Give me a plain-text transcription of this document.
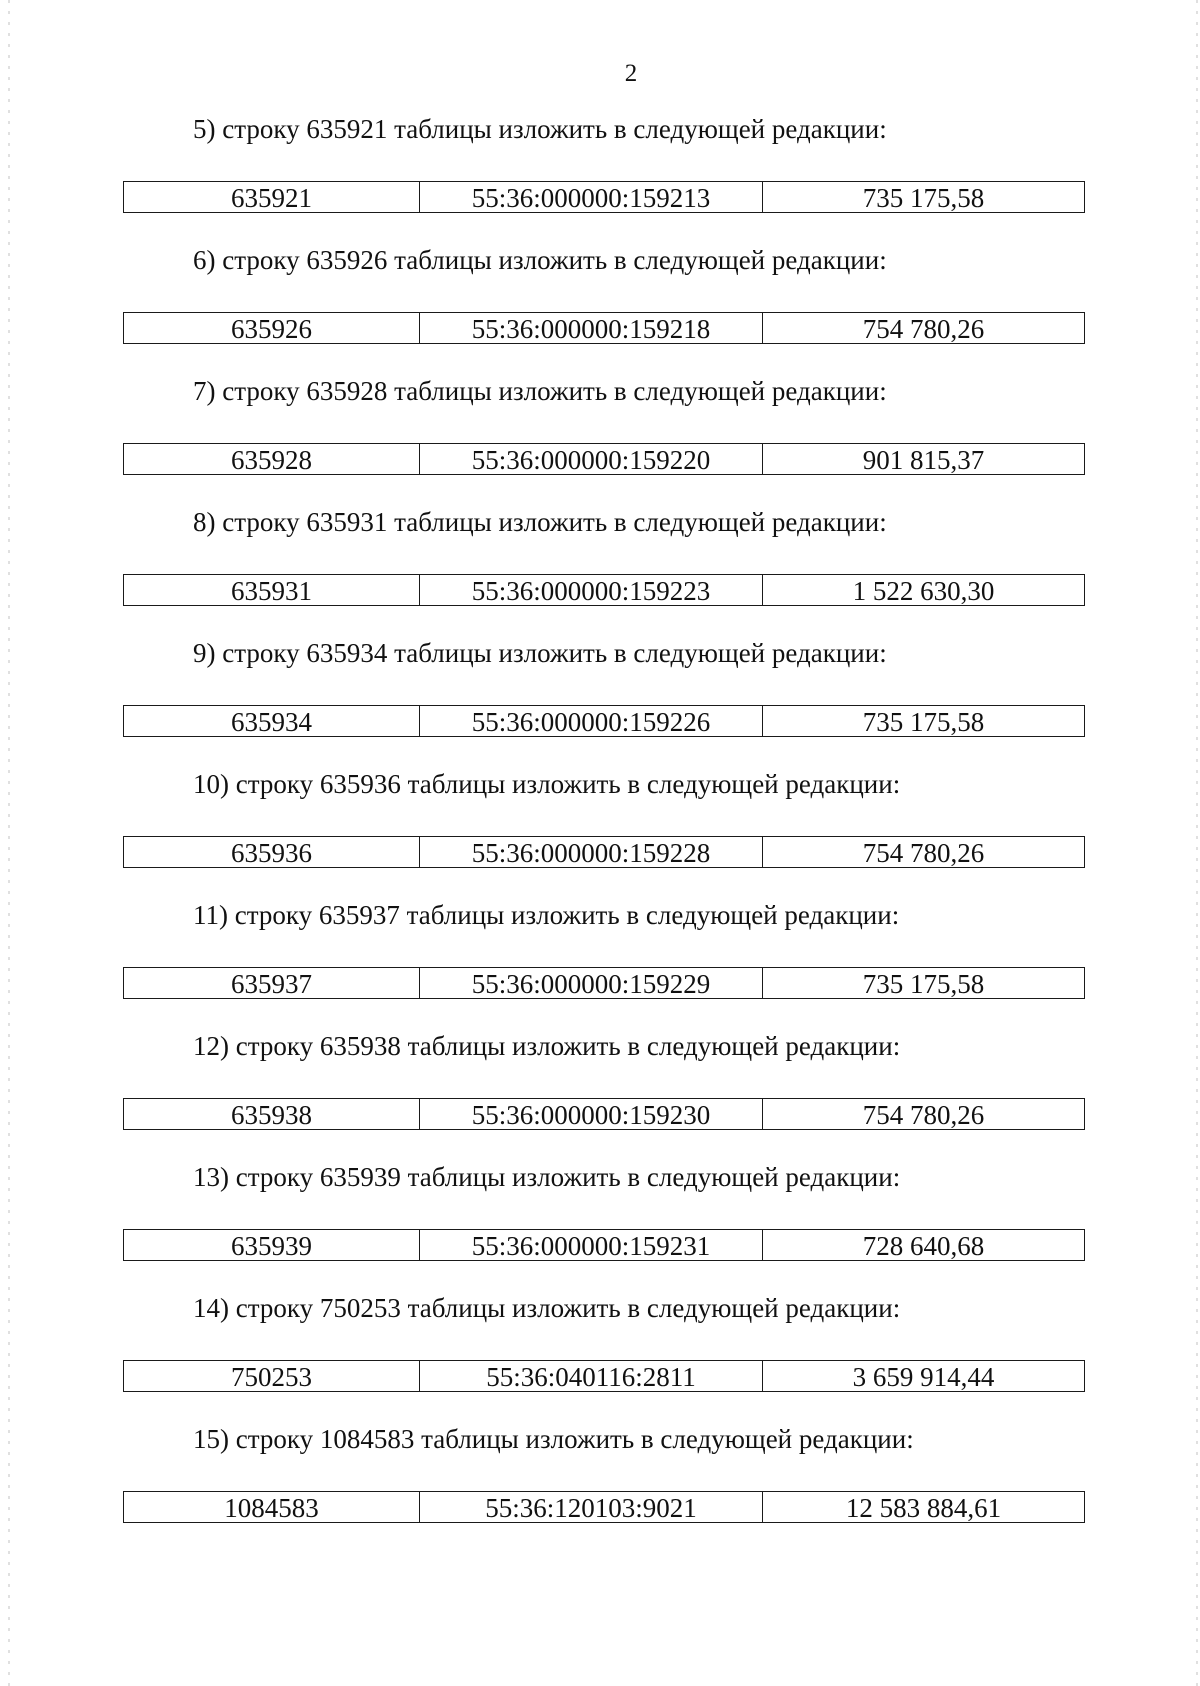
2
5) строку 635921 таблицы изложить в следующей редакции:
635921	55:36:000000:159213	735 175,58
6) строку 635926 таблицы изложить в следующей редакции:
635926	55:36:000000:159218	754 780,26
7) строку 635928 таблицы изложить в следующей редакции:
635928	55:36:000000:159220	901 815,37
8) строку 635931 таблицы изложить в следующей редакции:
635931	55:36:000000:159223	1 522 630,30
9) строку 635934 таблицы изложить в следующей редакции:
635934	55:36:000000:159226	735 175,58
10) строку 635936 таблицы изложить в следующей редакции:
635936	55:36:000000:159228	754 780,26
11) строку 635937 таблицы изложить в следующей редакции:
635937	55:36:000000:159229	735 175,58
12) строку 635938 таблицы изложить в следующей редакции:
635938	55:36:000000:159230	754 780,26
13) строку 635939 таблицы изложить в следующей редакции:
635939	55:36:000000:159231	728 640,68
14) строку 750253 таблицы изложить в следующей редакции:
750253	55:36:040116:2811	3 659 914,44
15) строку 1084583 таблицы изложить в следующей редакции:
1084583	55:36:120103:9021	12 583 884,61
